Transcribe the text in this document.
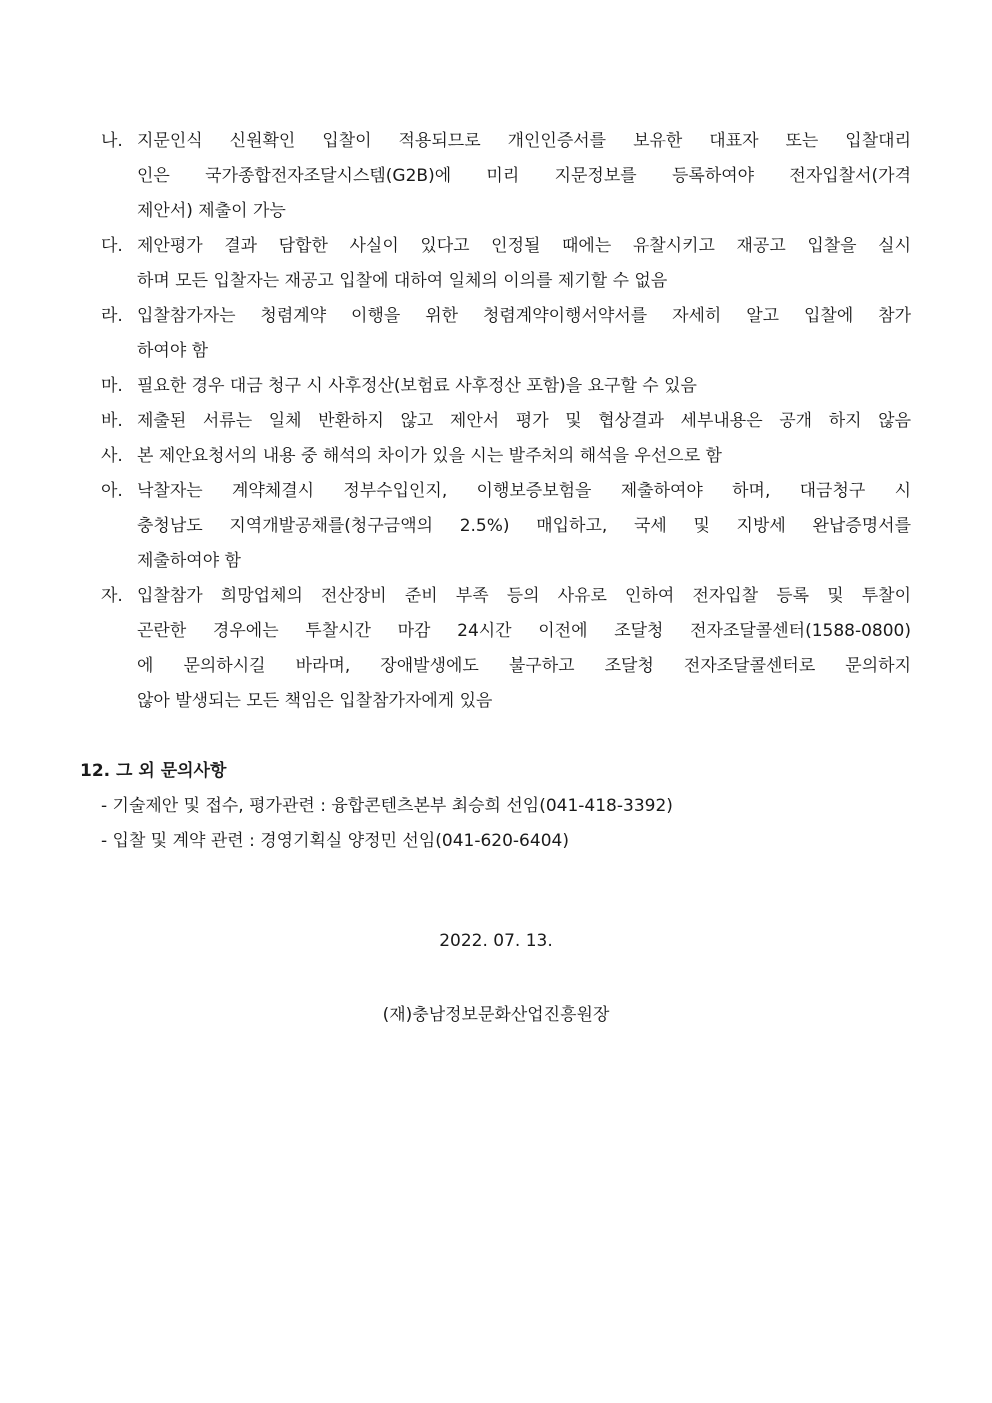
나. 지문인식 신원확인 입찰이 적용되므로 개인인증서를 보유한 대표자 또는 입찰대리
인은 국가종합전자조달시스템(G2B)에 미리 지문정보를 등록하여야 전자입찰서(가격
제안서) 제출이 가능
다. 제안평가 결과 담합한 사실이 있다고 인정될 때에는 유찰시키고 재공고 입찰을 실시
하며 모든 입찰자는 재공고 입찰에 대하여 일체의 이의를 제기할 수 없음
라. 입찰참가자는 청렴계약 이행을 위한 청렴계약이행서약서를 자세히 알고 입찰에 참가
하여야 함
마. 필요한 경우 대금 청구 시 사후정산(보험료 사후정산 포함)을 요구할 수 있음
바. 제출된 서류는 일체 반환하지 않고 제안서 평가 및 협상결과 세부내용은 공개 하지 않음
사. 본 제안요청서의 내용 중 해석의 차이가 있을 시는 발주처의 해석을 우선으로 함
아. 낙찰자는 계약체결시 정부수입인지, 이행보증보험을 제출하여야 하며, 대금청구 시
충청남도 지역개발공채를(청구금액의 2.5%) 매입하고, 국세 및 지방세 완납증명서를
제출하여야 함
자. 입찰참가 희망업체의 전산장비 준비 부족 등의 사유로 인하여 전자입찰 등록 및 투찰이
곤란한 경우에는 투찰시간 마감 24시간 이전에 조달청 전자조달콜센터(1588-0800)
에 문의하시길 바라며, 장애발생에도 불구하고 조달청 전자조달콜센터로 문의하지
않아 발생되는 모든 책임은 입찰참가자에게 있음
12. 그 외 문의사항
- 기술제안 및 접수, 평가관련 : 융합콘텐츠본부 최승희 선임(041-418-3392)
- 입찰 및 계약 관련 : 경영기획실 양정민 선임(041-620-6404)
2022. 07. 13.
(재)충남정보문화산업진흥원장
